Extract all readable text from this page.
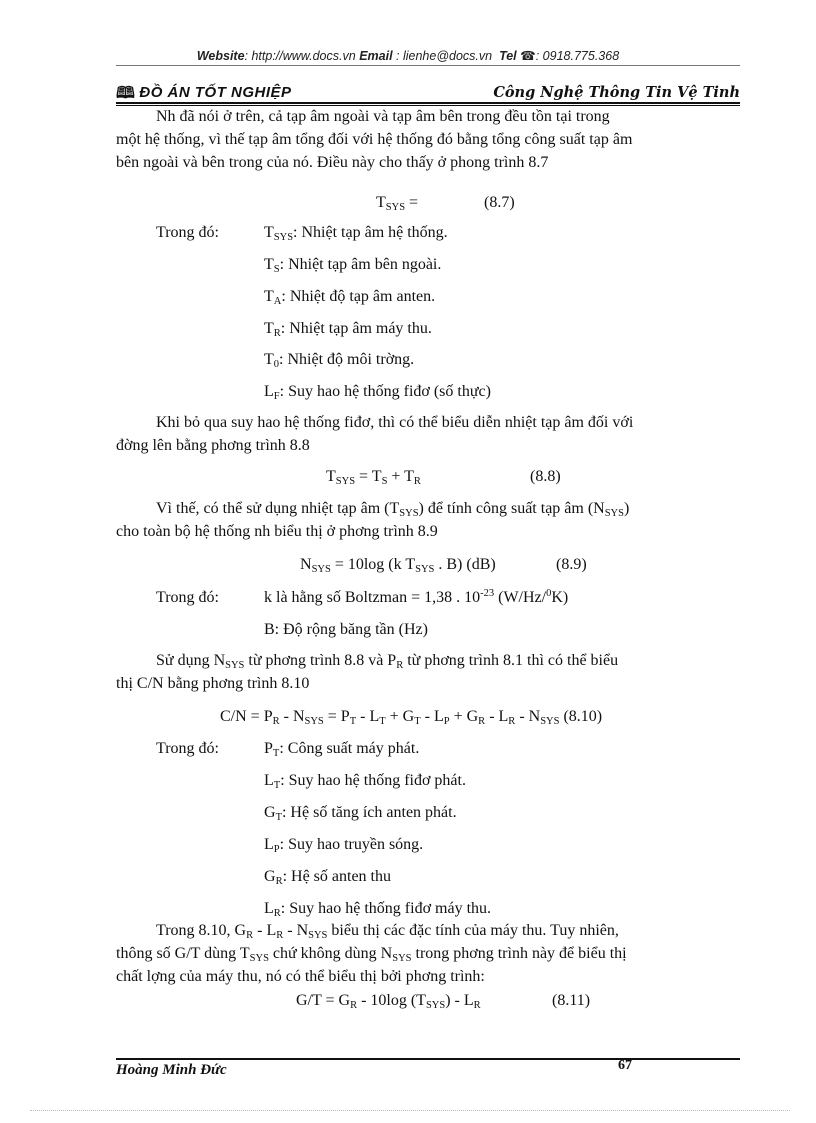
Website: http://www.docs.vn Email : lienhe@docs.vn Tel ☎: 0918.775.368
🕮 ĐỒ ÁN TỐT NGHIỆP	Công Nghệ Thông Tin Vệ Tinh
Nh đã nói ở trên, cả tạp âm ngoài và tạp âm bên trong đều tồn tại trong
một hệ thống, vì thế tạp âm tổng đối với hệ thống đó bằng tổng công suất tạp âm
bên ngoài và bên trong của nó. Điều này cho thấy ở phong trình 8.7
$T_{SYS}$ =	(8.7)
Trong đó:	$T_{SYS}$: Nhiệt tạp âm hệ thống.
$T_S$: Nhiệt tạp âm bên ngoài.
$T_A$: Nhiệt độ tạp âm anten.
$T_R$: Nhiệt tạp âm máy thu.
$T_0$: Nhiệt độ môi trờng.
$L_F$: Suy hao hệ thống fiđơ (số thực)
Khi bỏ qua suy hao hệ thống fiđơ, thì có thể biểu diễn nhiệt tạp âm đối với
đờng lên bằng phơng trình 8.8
$T_{SYS} = T_S + T_R$	(8.8)
Vì thế, có thể sử dụng nhiệt tạp âm $(T_{SYS})$ để tính công suất tạp âm $(N_{SYS})$
cho toàn bộ hệ thống nh biểu thị ở phơng trình 8.9
$N_{SYS} = 10\log$ (k $T_{SYS}$ . B) (dB)	(8.9)
Trong đó:	k là hằng số Boltzman = 1,38 . $10^{-23}$ (W/Hz/$^0$K)
B: Độ rộng băng tần (Hz)
Sử dụng $N_{SYS}$ từ phơng trình 8.8 và $P_R$ từ phơng trình 8.1 thì có thể biểu
thị C/N bằng phơng trình 8.10
$C/N = P_R - N_{SYS} = P_T - L_T + G_T - L_P + G_R - L_R - N_{SYS}$ (8.10)
Trong đó:	$P_T$: Công suất máy phát.
$L_T$: Suy hao hệ thống fiđơ phát.
$G_T$: Hệ số tăng ích anten phát.
$L_P$: Suy hao truyền sóng.
$G_R$: Hệ số anten thu
$L_R$: Suy hao hệ thống fiđơ máy thu.
Trong 8.10, $G_R - L_R - N_{SYS}$ biểu thị các đặc tính của máy thu. Tuy nhiên,
thông số G/T dùng $T_{SYS}$ chứ không dùng $N_{SYS}$ trong phơng trình này để biểu thị
chất lợng của máy thu, nó có thể biểu thị bởi phơng trình:
$G/T = G_R - 10\log$ $(T_{SYS}) - L_R$	(8.11)
Hoàng Minh Đức	67
